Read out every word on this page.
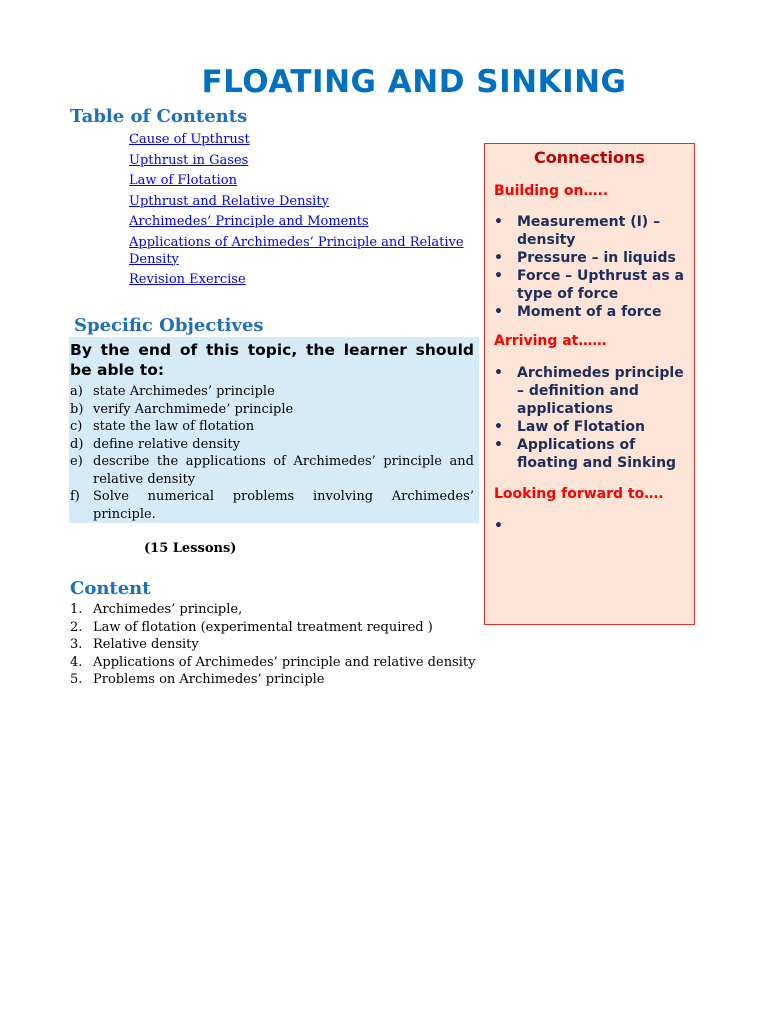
FLOATING AND SINKING
Table of Contents
Cause of Upthrust
Upthrust in Gases
Law of Flotation
Upthrust and Relative Density
Archimedes’ Principle and Moments
Applications of Archimedes’ Principle and Relative Density
Revision Exercise
Specific Objectives
By the end of this topic, the learner should be able to:
a) state Archimedes’ principle
b) verify Aarchmimede’ principle
c) state the law of flotation
d) define relative density
e) describe the applications of Archimedes’ principle and relative density
f)	Solve numerical problems involving Archimedes’ principle.
(15 Lessons)
Content
1. Archimedes’ principle,
2. Law of flotation (experimental treatment required )
3. Relative density
4. Applications of Archimedes’ principle and relative density
5. Problems on Archimedes’ principle
Connections
Building on…..
•	Measurement (I) – density
•	Pressure – in liquids
•	Force – Upthrust as a type of force
•	Moment of a force
Arriving at……
•	Archimedes principle – definition and applications
•	Law of Flotation
•	Applications of floating and Sinking
Looking forward to….
•
